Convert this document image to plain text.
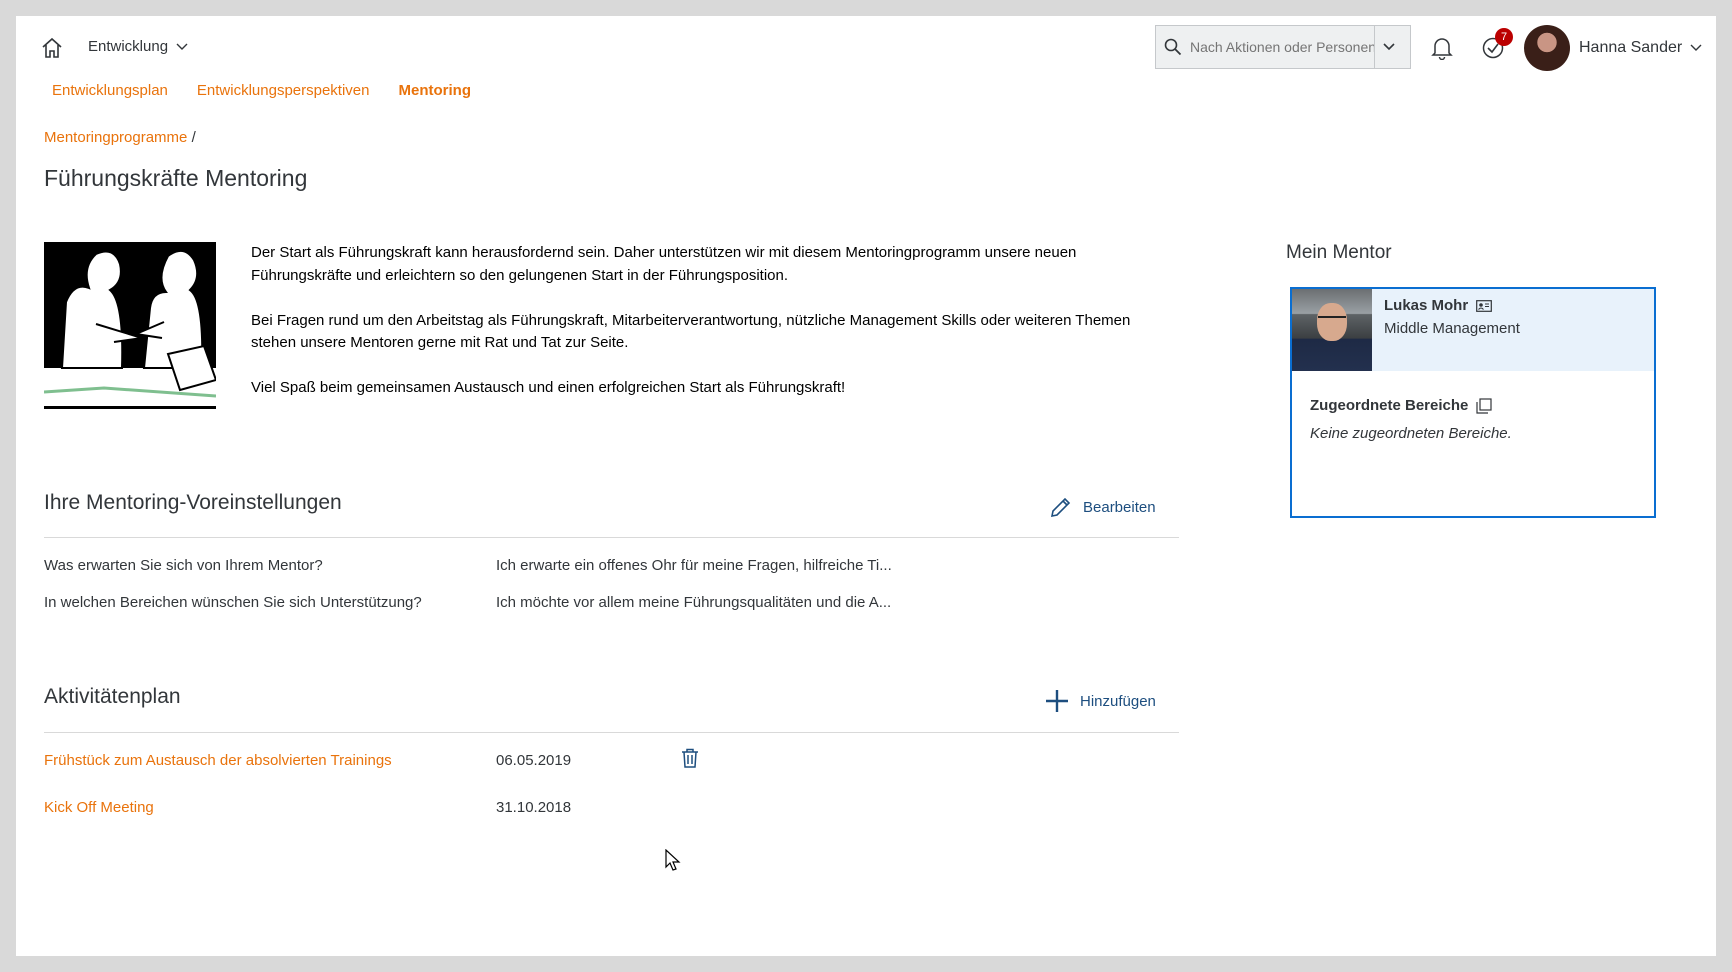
Entwicklung
Nach Aktionen oder Personen ...
7
Hanna Sander
Entwicklungsplan Entwicklungsperspektiven Mentoring
Mentoringprogramme /
Führungskräfte Mentoring

Der Start als Führungskraft kann herausfordernd sein. Daher unterstützen wir mit diesem Mentoringprogramm unsere neuen Führungskräfte und erleichtern so den gelungenen Start in der Führungsposition.

Bei Fragen rund um den Arbeitstag als Führungskraft, Mitarbeiterverantwortung, nützliche Management Skills oder weiteren Themen stehen unsere Mentoren gerne mit Rat und Tat zur Seite.

Viel Spaß beim gemeinsamen Austausch und einen erfolgreichen Start als Führungskraft!

Ihre Mentoring-Voreinstellungen	Bearbeiten
Was erwarten Sie sich von Ihrem Mentor?	Ich erwarte ein offenes Ohr für meine Fragen, hilfreiche Ti...
In welchen Bereichen wünschen Sie sich Unterstützung?	Ich möchte vor allem meine Führungsqualitäten und die A...
Aktivitätenplan	Hinzufügen
Frühstück zum Austausch der absolvierten Trainings	06.05.2019
Kick Off Meeting	31.10.2018
Mein Mentor
Lukas Mohr
Middle Management
Zugeordnete Bereiche
Keine zugeordneten Bereiche.
